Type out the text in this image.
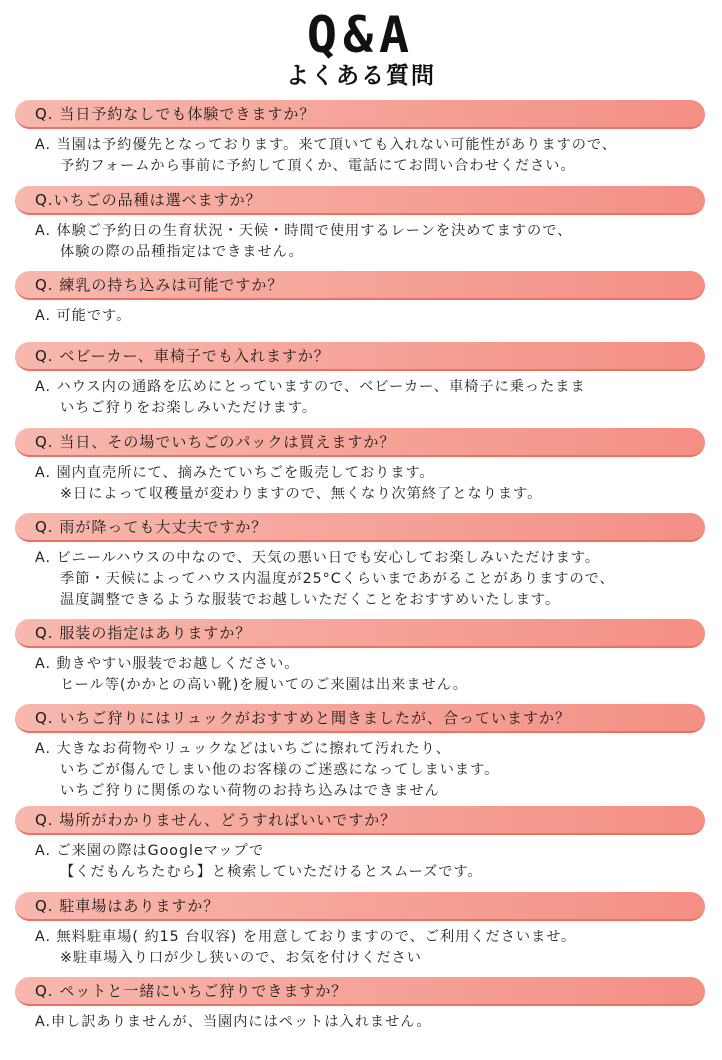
Q&A
よくある質問
Q. 当日予約なしでも体験できますか？
A. 当園は予約優先となっております。来て頂いても入れない可能性がありますので、
予約フォームから事前に予約して頂くか、電話にてお問い合わせください。
Q.いちごの品種は選べますか？
A. 体験ご予約日の生育状況・天候・時間で使用するレーンを決めてますので、
体験の際の品種指定はできません。
Q. 練乳の持ち込みは可能ですか？
A. 可能です。
Q. ベビーカー、車椅子でも入れますか？
A. ハウス内の通路を広めにとっていますので、ベビーカー、車椅子に乗ったまま
いちご狩りをお楽しみいただけます。
Q. 当日、その場でいちごのパックは買えますか？
A. 園内直売所にて、摘みたていちごを販売しております。
※日によって収穫量が変わりますので、無くなり次第終了となります。
Q. 雨が降っても大丈夫ですか？
A. ビニールハウスの中なので、天気の悪い日でも安心してお楽しみいただけます。
季節・天候によってハウス内温度が25°Cくらいまであがることがありますので、
温度調整できるような服装でお越しいただくことをおすすめいたします。
Q. 服装の指定はありますか？
A. 動きやすい服装でお越しください。
ヒール等(かかとの高い靴)を履いてのご来園は出来ません。
Q. いちご狩りにはリュックがおすすめと聞きましたが、合っていますか？
A. 大きなお荷物やリュックなどはいちごに擦れて汚れたり、
いちごが傷んでしまい他のお客様のご迷惑になってしまいます。
いちご狩りに関係のない荷物のお持ち込みはできません
Q. 場所がわかりません、どうすればいいですか？
A. ご来園の際はGoogleマップで
【くだもんちたむら】と検索していただけるとスムーズです。
Q. 駐車場はありますか？
A. 無料駐車場( 約15 台収容) を用意しておりますので、ご利用くださいませ。
※駐車場入り口が少し狭いので、お気を付けください
Q. ペットと一緒にいちご狩りできますか？
A.申し訳ありませんが、当園内にはペットは入れません。
